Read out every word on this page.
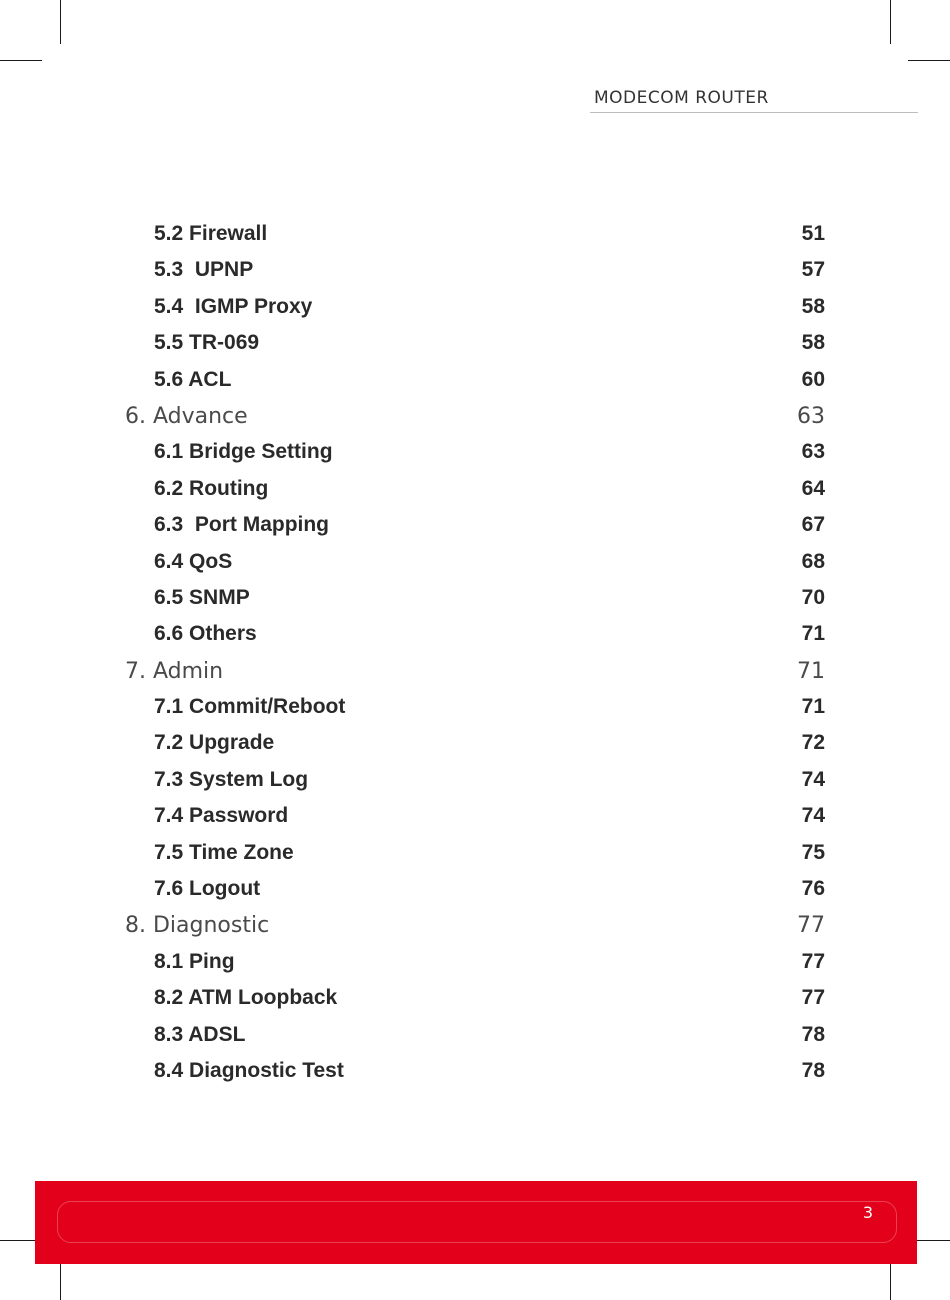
MODECOM ROUTER
5.2 Firewall	51
5.3  UPNP	57
5.4  IGMP Proxy	58
5.5 TR-069	58
5.6 ACL	60
6. Advance	63
6.1 Bridge Setting	63
6.2 Routing	64
6.3  Port Mapping	67
6.4 QoS	68
6.5 SNMP	70
6.6 Others	71
7. Admin	71
7.1 Commit/Reboot	71
7.2 Upgrade	72
7.3 System Log	74
7.4 Password	74
7.5 Time Zone	75
7.6 Logout	76
8. Diagnostic	77
8.1 Ping	77
8.2 ATM Loopback	77
8.3 ADSL	78
8.4 Diagnostic Test	78
3
